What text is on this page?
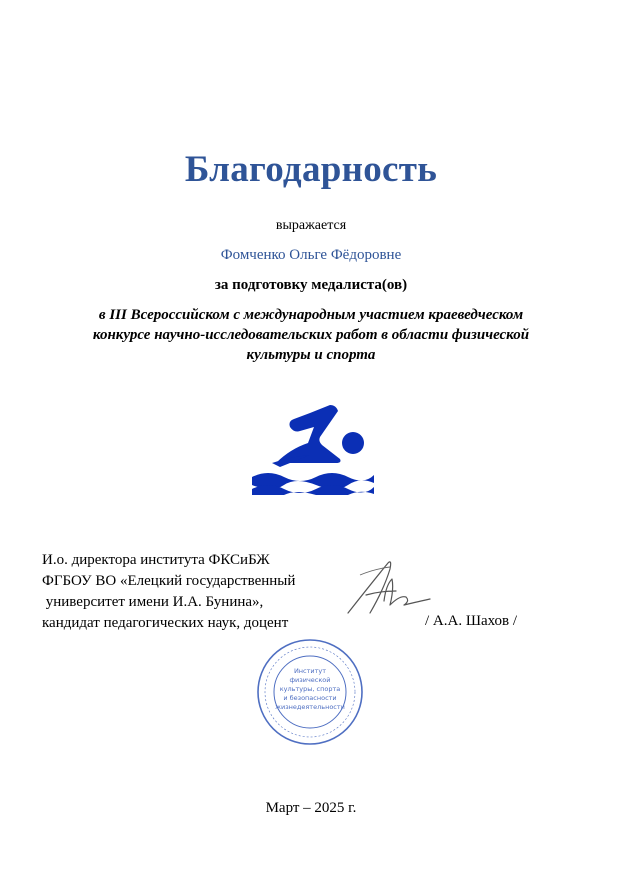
Благодарность
выражается
Фомченко Ольге Фёдоровне
за подготовку медалиста(ов)
в III Всероссийском с международным участием краеведческом
конкурсе научно-исследовательских работ в области физической
культуры и спорта
И.о. директора института ФКСиБЖ
ФГБОУ ВО «Елецкий государственный
университет имени И.А. Бунина»,
кандидат педагогических наук, доцент	/ А.А. Шахов /
Институт
физической
культуры, спорта
и безопасности
жизнедеятельности
Март – 2025 г.
